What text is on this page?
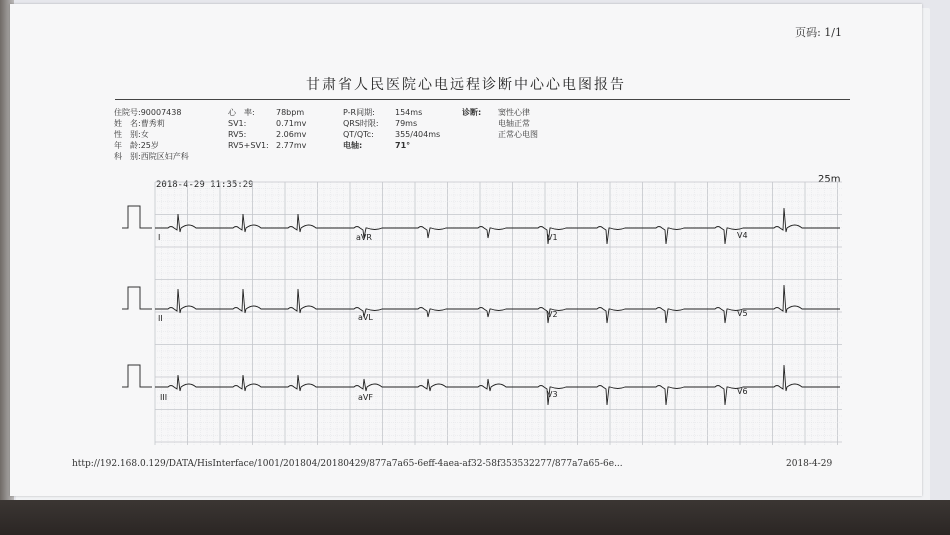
页码: 1/1
甘肃省人民医院心电远程诊断中心心电图报告
住院号:90007438
姓　名:曹秀莉
性　别:女
年　龄:25岁
科　别:西院区妇产科
心　率:	78bpm
SV1:	0.71mv
RV5:	2.06mv
RV5+SV1: 2.77mv
P-R间期:	154ms
QRS时限: 79ms
QT/QTc:	355/404ms
电轴:	71°
诊断: 窦性心律
电轴正常
正常心电图
2018-4-29 11:35:29	25m
I	aVR	V1	V4
II	aVL	V2	V5
III	aVF	V3	V6
http://192.168.0.129/DATA/HisInterface/1001/201804/20180429/877a7a65-6eff-4aea-af32-58f353532277/877a7a65-6e...	2018-4-29
